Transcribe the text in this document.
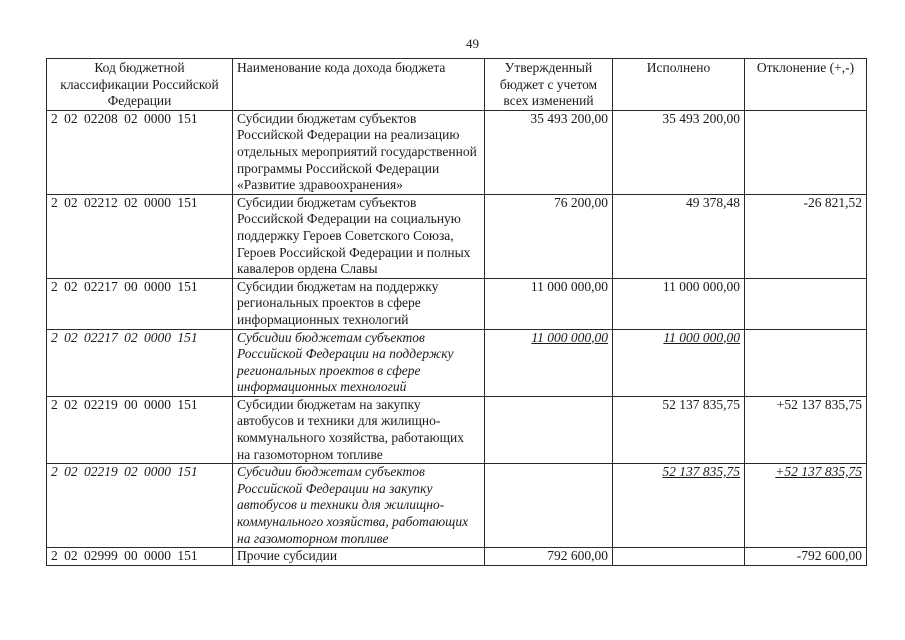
49
Код бюджетной классификации Российской Федерации	Наименование кода дохода бюджета	Утвержденный бюджет с учетом всех изменений	Исполнено	Отклонение (+,-)
2 02 02208 02 0000 151	Субсидии бюджетам субъектов Российской Федерации на реализацию отдельных мероприятий государственной программы Российской Федерации «Развитие здравоохранения»	35 493 200,00	35 493 200,00	
2 02 02212 02 0000 151	Субсидии бюджетам субъектов Российской Федерации на социальную поддержку Героев Советского Союза, Героев Российской Федерации и полных кавалеров ордена Славы	76 200,00	49 378,48	-26 821,52
2 02 02217 00 0000 151	Субсидии бюджетам на поддержку региональных проектов в сфере информационных технологий	11 000 000,00	11 000 000,00	
2 02 02217 02 0000 151	Субсидии бюджетам субъектов Российской Федерации на поддержку региональных проектов в сфере информационных технологий	11 000 000,00	11 000 000,00	
2 02 02219 00 0000 151	Субсидии бюджетам на закупку автобусов и техники для жилищно-коммунального хозяйства, работающих на газомоторном топливе		52 137 835,75	+52 137 835,75
2 02 02219 02 0000 151	Субсидии бюджетам субъектов Российской Федерации на закупку автобусов и техники для жилищно-коммунального хозяйства, работающих на газомоторном топливе		52 137 835,75	+52 137 835,75
2 02 02999 00 0000 151	Прочие субсидии	792 600,00		-792 600,00
